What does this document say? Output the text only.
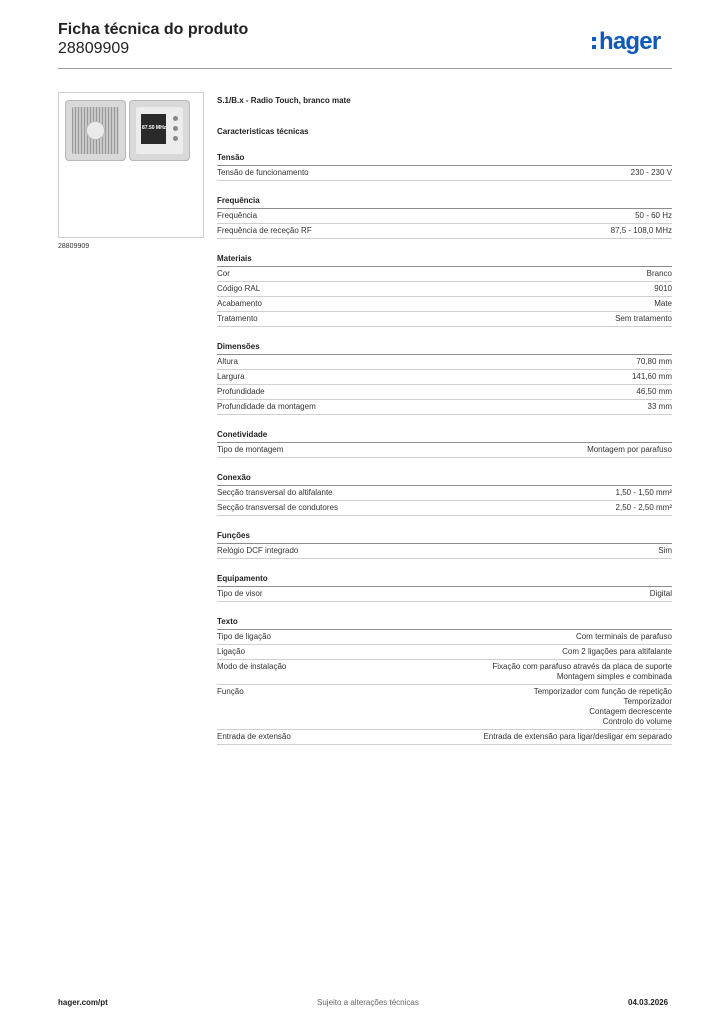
Ficha técnica do produto
28809909	hager
87.50 MHz
28809909
S.1/B.x - Radio Touch, branco mate
Caracteristicas técnicas
Tensão
Tensão de funcionamento	230 - 230 V
Frequência
Frequência	50 - 60 Hz
Frequência de receção RF	87,5 - 108,0 MHz
Materiais
Cor	Branco
Código RAL	9010
Acabamento	Mate
Tratamento	Sem tratamento
Dimensões
Altura	70,80 mm
Largura	141,60 mm
Profundidade	46,50 mm
Profundidade da montagem	33 mm
Conetividade
Tipo de montagem	Montagem por parafuso
Conexão
Secção transversal do altifalante	1,50 - 1,50 mm²
Secção transversal de condutores	2,50 - 2,50 mm²
Funções
Relógio DCF integrado	Sim
Equipamento
Tipo de visor	Digital
Texto
Tipo de ligação	Com terminais de parafuso
Ligação	Com 2 ligações para altifalante
Modo de instalação	Fixação com parafuso através da placa de suporte
Montagem simples e combinada
Função	Temporizador com função de repetição
Temporizador
Contagem decrescente
Controlo do volume
Entrada de extensão	Entrada de extensão para ligar/desligar em separado
hager.com/pt	Sujeito a alterações técnicas	04.03.2026
